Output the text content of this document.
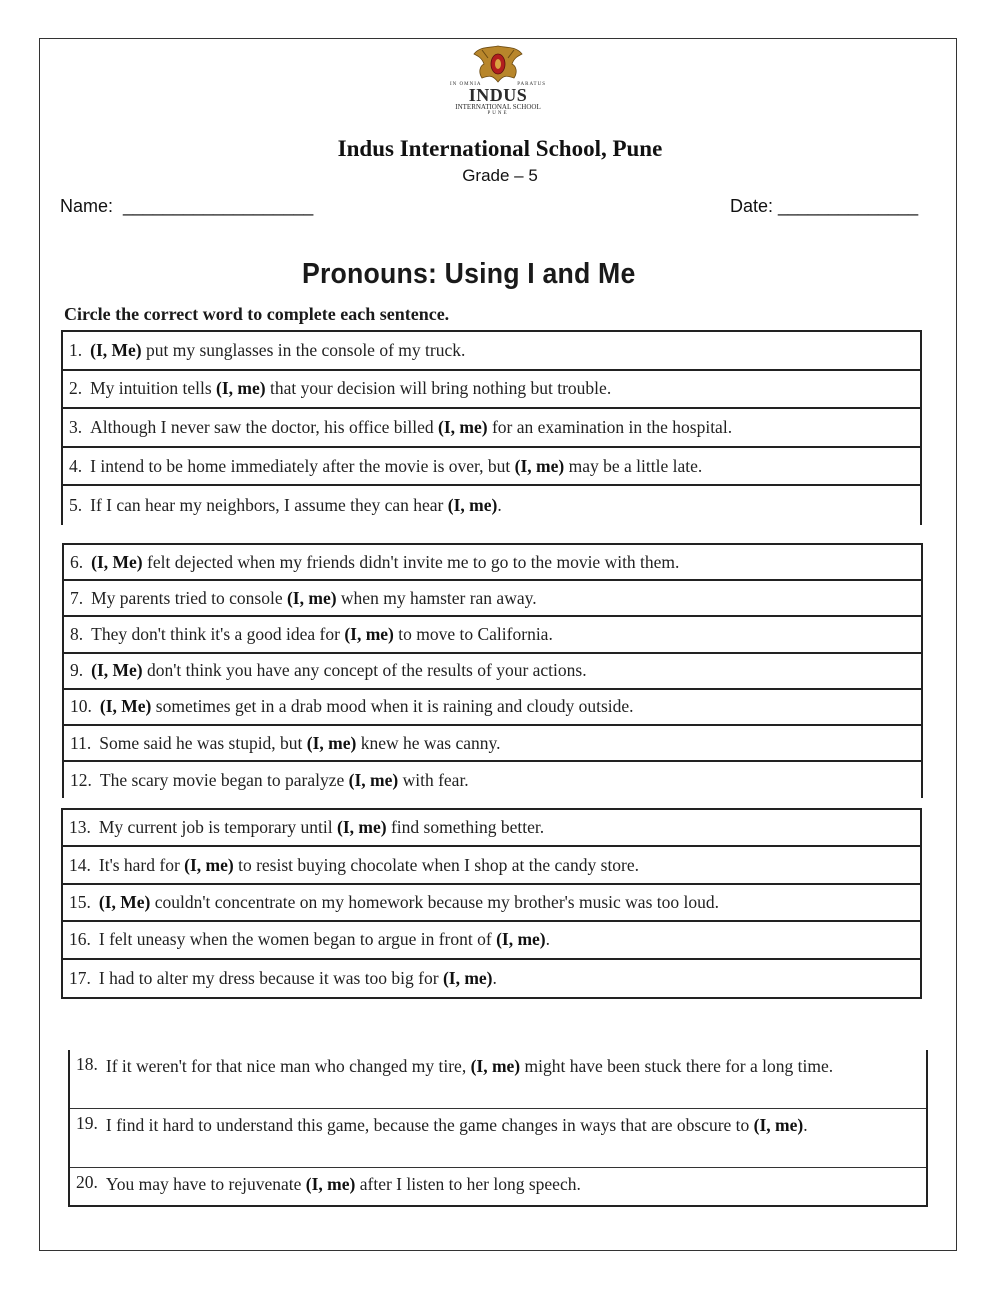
IN OMNIA	PARATUS
INDUS
INTERNATIONAL SCHOOL
PUNE
Indus International School, Pune
Grade – 5
Name:  ___________________	Date: ______________
Pronouns: Using I and Me
Circle the correct word to complete each sentence.
1. (I, Me) put my sunglasses in the console of my truck.
2. My intuition tells (I, me) that your decision will bring nothing but trouble.
3. Although I never saw the doctor, his office billed (I, me) for an examination in the hospital.
4. I intend to be home immediately after the movie is over, but (I, me) may be a little late.
5. If I can hear my neighbors, I assume they can hear (I, me).
6. (I, Me) felt dejected when my friends didn't invite me to go to the movie with them.
7. My parents tried to console (I, me) when my hamster ran away.
8. They don't think it's a good idea for (I, me) to move to California.
9. (I, Me) don't think you have any concept of the results of your actions.
10. (I, Me) sometimes get in a drab mood when it is raining and cloudy outside.
11. Some said he was stupid, but (I, me) knew he was canny.
12. The scary movie began to paralyze (I, me) with fear.
13. My current job is temporary until (I, me) find something better.
14. It's hard for (I, me) to resist buying chocolate when I shop at the candy store.
15. (I, Me) couldn't concentrate on my homework because my brother's music was too loud.
16. I felt uneasy when the women began to argue in front of (I, me).
17. I had to alter my dress because it was too big for (I, me).
18. If it weren't for that nice man who changed my tire, (I, me) might have been stuck there for a long time.
19. I find it hard to understand this game, because the game changes in ways that are obscure to (I, me).
20. You may have to rejuvenate (I, me) after I listen to her long speech.
